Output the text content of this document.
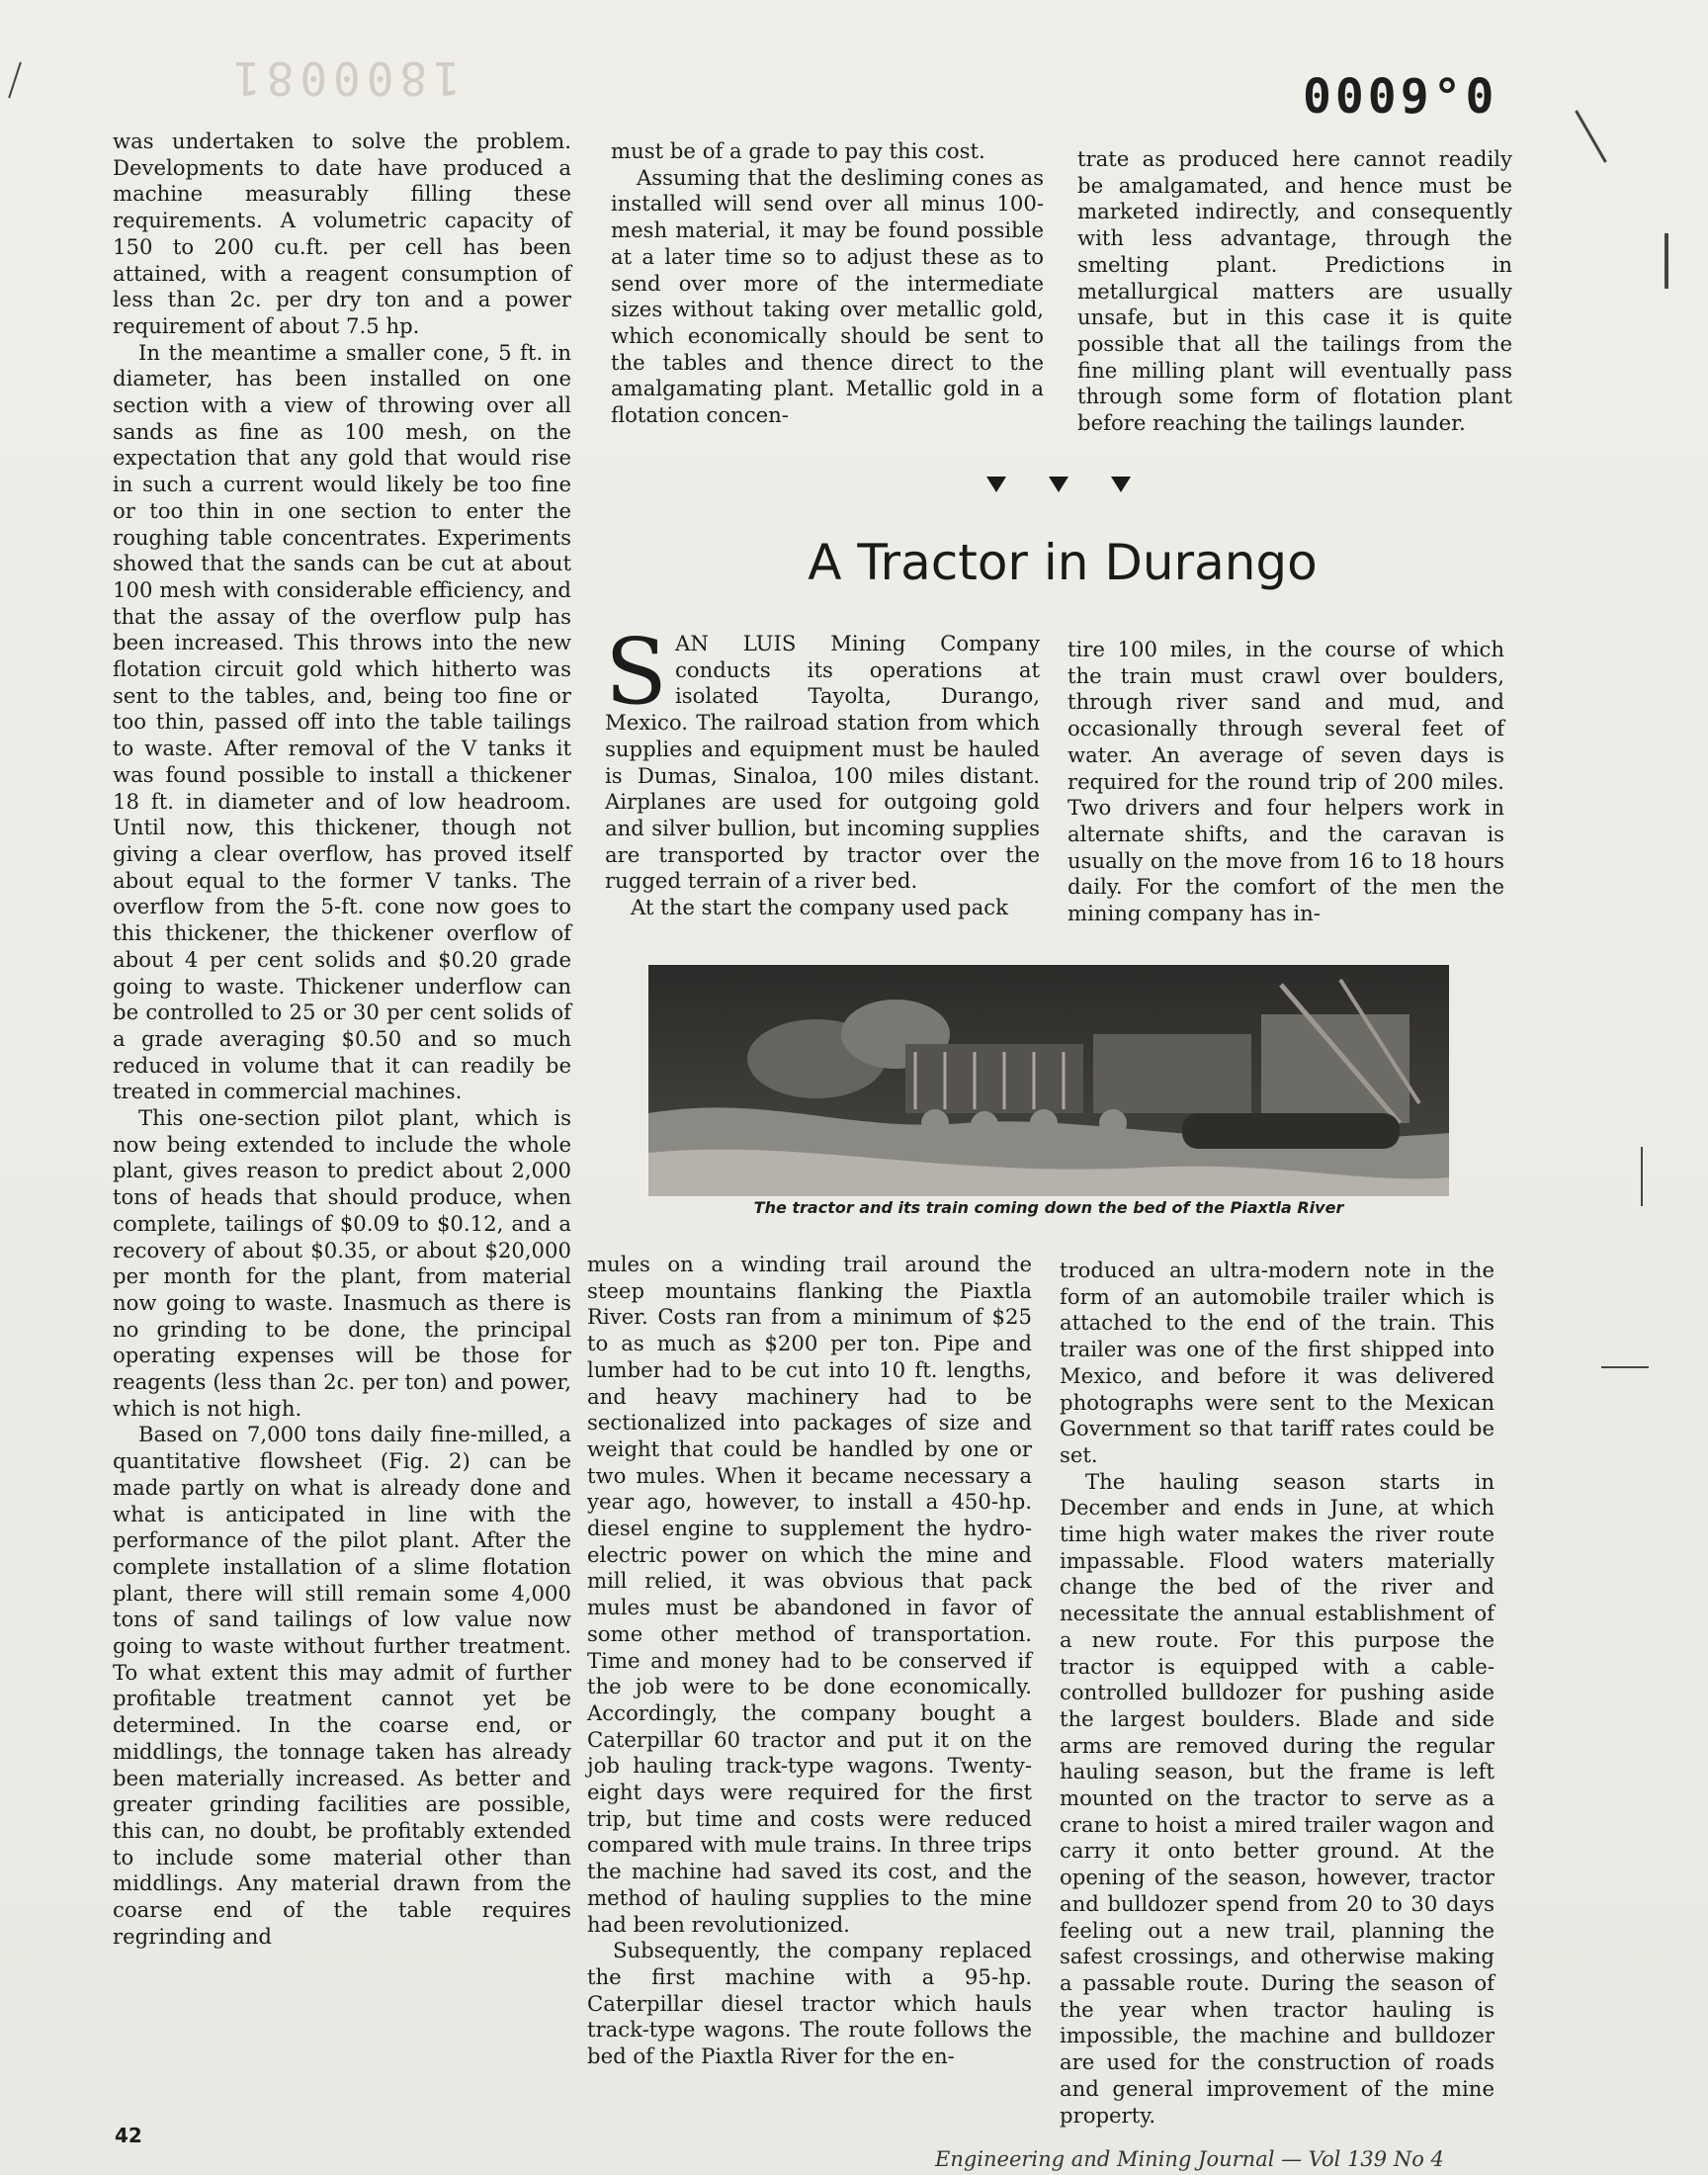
1800081	0009°0

was undertaken to solve the problem. Developments to date have produced a machine measurably filling these requirements. A volumetric capacity of 150 to 200 cu.ft. per cell has been attained, with a reagent consumption of less than 2c. per dry ton and a power requirement of about 7.5 hp.

In the meantime a smaller cone, 5 ft. in diameter, has been installed on one section with a view of throwing over all sands as fine as 100 mesh, on the expectation that any gold that would rise in such a current would likely be too fine or too thin in one section to enter the roughing table concentrates. Experiments showed that the sands can be cut at about 100 mesh with considerable efficiency, and that the assay of the overflow pulp has been increased. This throws into the new flotation circuit gold which hitherto was sent to the tables, and, being too fine or too thin, passed off into the table tailings to waste. After removal of the V tanks it was found possible to install a thickener 18 ft. in diameter and of low headroom. Until now, this thickener, though not giving a clear overflow, has proved itself about equal to the former V tanks. The overflow from the 5-ft. cone now goes to this thickener, the thickener overflow of about 4 per cent solids and $0.20 grade going to waste. Thickener underflow can be controlled to 25 or 30 per cent solids of a grade averaging $0.50 and so much reduced in volume that it can readily be treated in commercial machines.

This one-section pilot plant, which is now being extended to include the whole plant, gives reason to predict about 2,000 tons of heads that should produce, when complete, tailings of $0.09 to $0.12, and a recovery of about $0.35, or about $20,000 per month for the plant, from material now going to waste. Inasmuch as there is no grinding to be done, the principal operating expenses will be those for reagents (less than 2c. per ton) and power, which is not high.

Based on 7,000 tons daily fine-milled, a quantitative flowsheet (Fig. 2) can be made partly on what is already done and what is anticipated in line with the performance of the pilot plant. After the complete installation of a slime flotation plant, there will still remain some 4,000 tons of sand tailings of low value now going to waste without further treatment. To what extent this may admit of further profitable treatment cannot yet be determined. In the coarse end, or middlings, the tonnage taken has already been materially increased. As better and greater grinding facilities are possible, this can, no doubt, be profitably extended to include some material other than middlings. Any material drawn from the coarse end of the table requires regrinding and

must be of a grade to pay this cost.

Assuming that the desliming cones as installed will send over all minus 100-mesh material, it may be found possible at a later time so to adjust these as to send over more of the intermediate sizes without taking over metallic gold, which economically should be sent to the tables and thence direct to the amalgamating plant. Metallic gold in a flotation concen-

trate as produced here cannot readily be amalgamated, and hence must be marketed indirectly, and consequently with less advantage, through the smelting plant. Predictions in metallurgical matters are usually unsafe, but in this case it is quite possible that all the tailings from the fine milling plant will eventually pass through some form of flotation plant before reaching the tailings launder.

A Tractor in Durango

SAN LUIS Mining Company conducts its operations at isolated Tayolta, Durango, Mexico. The railroad station from which supplies and equipment must be hauled is Dumas, Sinaloa, 100 miles distant. Airplanes are used for outgoing gold and silver bullion, but incoming supplies are transported by tractor over the rugged terrain of a river bed.

At the start the company used pack

tire 100 miles, in the course of which the train must crawl over boulders, through river sand and mud, and occasionally through several feet of water. An average of seven days is required for the round trip of 200 miles. Two drivers and four helpers work in alternate shifts, and the caravan is usually on the move from 16 to 18 hours daily. For the comfort of the men the mining company has in-

The tractor and its train coming down the bed of the Piaxtla River

mules on a winding trail around the steep mountains flanking the Piaxtla River. Costs ran from a minimum of $25 to as much as $200 per ton. Pipe and lumber had to be cut into 10 ft. lengths, and heavy machinery had to be sectionalized into packages of size and weight that could be handled by one or two mules. When it became necessary a year ago, however, to install a 450-hp. diesel engine to supplement the hydro-electric power on which the mine and mill relied, it was obvious that pack mules must be abandoned in favor of some other method of transportation. Time and money had to be conserved if the job were to be done economically. Accordingly, the company bought a Caterpillar 60 tractor and put it on the job hauling track-type wagons. Twenty-eight days were required for the first trip, but time and costs were reduced compared with mule trains. In three trips the machine had saved its cost, and the method of hauling supplies to the mine had been revolutionized.

Subsequently, the company replaced the first machine with a 95-hp. Caterpillar diesel tractor which hauls track-type wagons. The route follows the bed of the Piaxtla River for the en-

troduced an ultra-modern note in the form of an automobile trailer which is attached to the end of the train. This trailer was one of the first shipped into Mexico, and before it was delivered photographs were sent to the Mexican Government so that tariff rates could be set.

The hauling season starts in December and ends in June, at which time high water makes the river route impassable. Flood waters materially change the bed of the river and necessitate the annual establishment of a new route. For this purpose the tractor is equipped with a cable-controlled bulldozer for pushing aside the largest boulders. Blade and side arms are removed during the regular hauling season, but the frame is left mounted on the tractor to serve as a crane to hoist a mired trailer wagon and carry it onto better ground. At the opening of the season, however, tractor and bulldozer spend from 20 to 30 days feeling out a new trail, planning the safest crossings, and otherwise making a passable route. During the season of the year when tractor hauling is impossible, the machine and bulldozer are used for the construction of roads and general improvement of the mine property.

42
Engineering and Mining Journal — Vol 139 No 4
